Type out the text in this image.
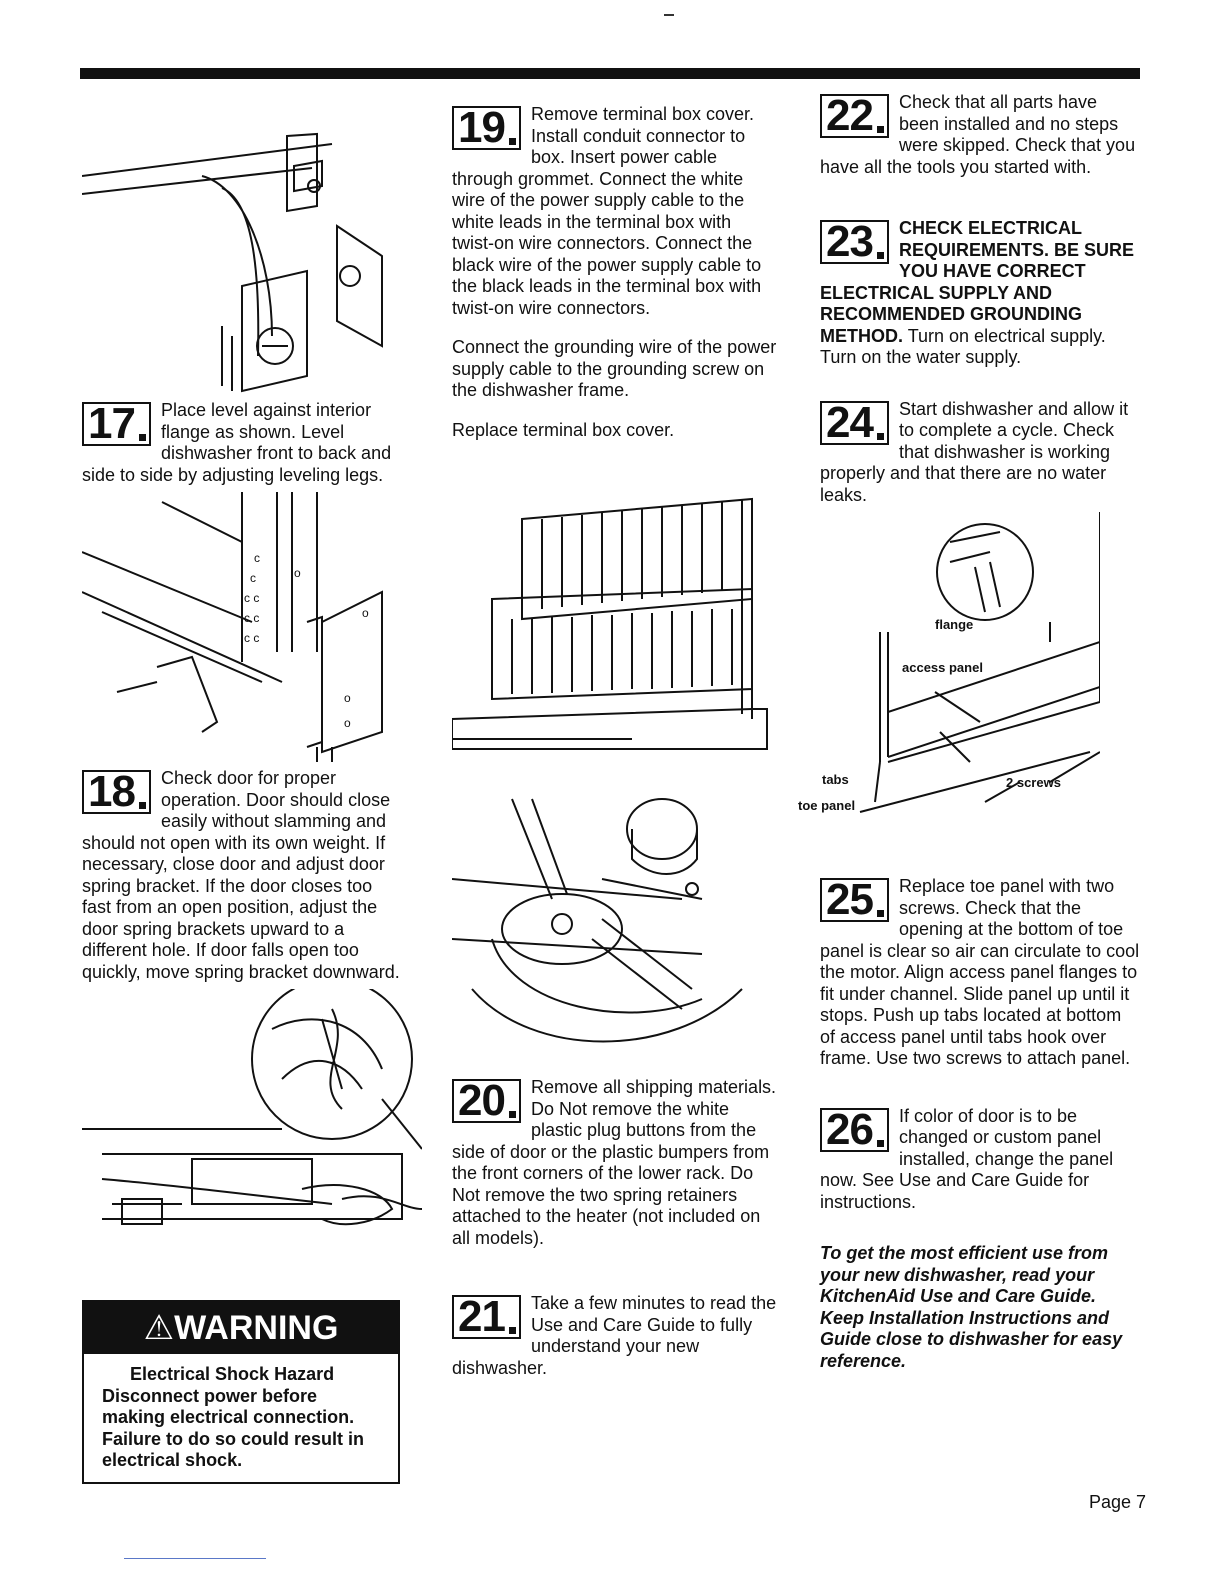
17	Place level against interior flange as shown. Level dishwasher front to back and side to side by adjusting leveling legs.
c
c
c c
c c
c c
o
o
o
o
18	Check door for proper operation. Door should close easily without slamming and should not open with its own weight. If necessary, close door and adjust door spring bracket. If the door closes too fast from an open position, adjust the door spring brackets upward to a different hole. If door falls open too quickly, move spring bracket downward.
⚠WARNING
Electrical Shock Hazard
Disconnect power before making electrical connection. Failure to do so could result in electrical shock.
19	Remove terminal box cover. Install conduit connector to box. Insert power cable through grommet. Connect the white wire of the power supply cable to the white leads in the terminal box with twist-on wire connectors. Connect the black wire of the power supply cable to the black leads in the terminal box with twist-on wire connectors.
Connect the grounding wire of the power supply cable to the grounding screw on the dishwasher frame.
Replace terminal box cover.
20	Remove all shipping materials. Do Not remove the white plastic plug buttons from the side of door or the plastic bumpers from the front corners of the lower rack. Do Not remove the two spring retainers attached to the heater (not included on all models).
21	Take a few minutes to read the Use and Care Guide to fully understand your new dishwasher.
22	Check that all parts have been installed and no steps were skipped. Check that you have all the tools you started with.
23	CHECK ELECTRICAL REQUIREMENTS. BE SURE YOU HAVE CORRECT ELECTRICAL SUPPLY AND RECOMMENDED GROUNDING METHOD. Turn on electrical supply. Turn on the water supply.
24	Start dishwasher and allow it to complete a cycle. Check that dishwasher is working properly and that there are no water leaks.
flange
access panel
tabs
toe panel
2 screws
25	Replace toe panel with two screws. Check that the opening at the bottom of toe panel is clear so air can circulate to cool the motor. Align access panel flanges to fit under channel. Slide panel up until it stops. Push up tabs located at bottom of access panel until tabs hook over frame. Use two screws to attach panel.
26	If color of door is to be changed or custom panel installed, change the panel now. See Use and Care Guide for instructions.
To get the most efficient use from your new dishwasher, read your KitchenAid Use and Care Guide. Keep Installation Instructions and Guide close to dishwasher for easy reference.
Page 7
